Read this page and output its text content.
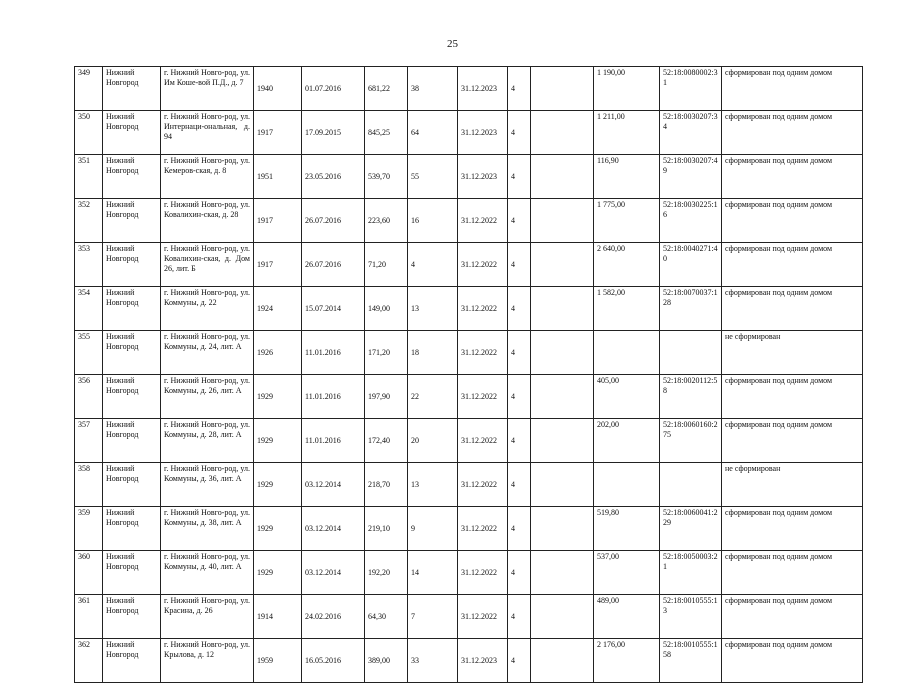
25
349	Нижний Новгород	г. Нижний Новго-род, ул. Им Коше-вой П.Д., д. 7	1940	01.07.2016	681,22	38	31.12.2023	4		1 190,00	52:18:0080002:31	сформирован под одним домом
350	Нижний Новгород	г. Нижний Новго-род, ул. Интернаци-ональная, д. 94	1917	17.09.2015	845,25	64	31.12.2023	4		1 211,00	52:18:0030207:34	сформирован под одним домом
351	Нижний Новгород	г. Нижний Новго-род, ул. Кемеров-ская, д. 8	1951	23.05.2016	539,70	55	31.12.2023	4		116,90	52:18:0030207:49	сформирован под одним домом
352	Нижний Новгород	г. Нижний Новго-род, ул. Ковалихин-ская, д. 28	1917	26.07.2016	223,60	16	31.12.2022	4		1 775,00	52:18:0030225:16	сформирован под одним домом
353	Нижний Новгород	г. Нижний Новго-род, ул. Ковалихин-ская, д. Дом 26, лит. Б	1917	26.07.2016	71,20	4	31.12.2022	4		2 640,00	52:18:0040271:40	сформирован под одним домом
354	Нижний Новгород	г. Нижний Новго-род, ул. Коммуны, д. 22	1924	15.07.2014	149,00	13	31.12.2022	4		1 582,00	52:18:0070037:128	сформирован под одним домом
355	Нижний Новгород	г. Нижний Новго-род, ул. Коммуны, д. 24, лит. А	1926	11.01.2016	171,20	18	31.12.2022	4				не сформирован
356	Нижний Новгород	г. Нижний Новго-род, ул. Коммуны, д. 26, лит. А	1929	11.01.2016	197,90	22	31.12.2022	4		405,00	52:18:0020112:58	сформирован под одним домом
357	Нижний Новгород	г. Нижний Новго-род, ул. Коммуны, д. 28, лит. А	1929	11.01.2016	172,40	20	31.12.2022	4		202,00	52:18:0060160:275	сформирован под одним домом
358	Нижний Новгород	г. Нижний Новго-род, ул. Коммуны, д. 36, лит. А	1929	03.12.2014	218,70	13	31.12.2022	4				не сформирован
359	Нижний Новгород	г. Нижний Новго-род, ул. Коммуны, д. 38, лит. А	1929	03.12.2014	219,10	9	31.12.2022	4		519,80	52:18:0060041:229	сформирован под одним домом
360	Нижний Новгород	г. Нижний Новго-род, ул. Коммуны, д. 40, лит. А	1929	03.12.2014	192,20	14	31.12.2022	4		537,00	52:18:0050003:21	сформирован под одним домом
361	Нижний Новгород	г. Нижний Новго-род, ул. Красина, д. 26	1914	24.02.2016	64,30	7	31.12.2022	4		489,00	52:18:0010555:13	сформирован под одним домом
362	Нижний Новгород	г. Нижний Новго-род, ул. Крылова, д. 12	1959	16.05.2016	389,00	33	31.12.2023	4		2 176,00	52:18:0010555:158	сформирован под одним домом
